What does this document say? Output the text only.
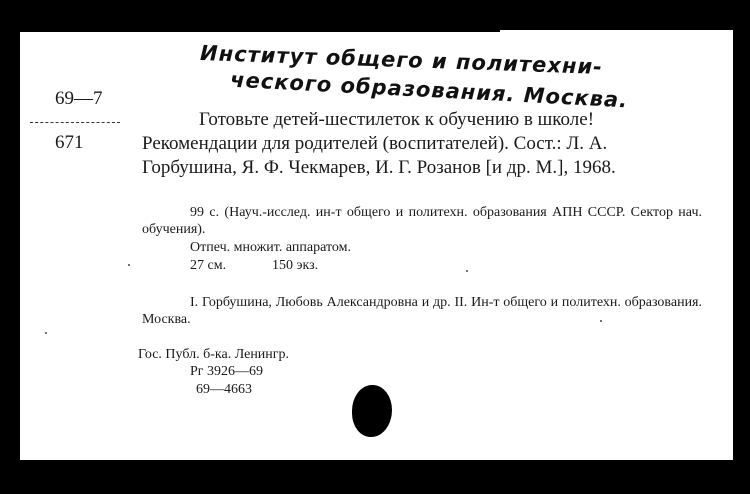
Институт общего и политехни-
ческого образования. Москва.
69—7
671
Готовьте детей-шестилеток к обучению в школе!
Рекомендации для родителей (воспитателей). Сост.: Л. А. Горбушина, Я. Ф. Чекмарев, И. Г. Розанов [и др. М.], 1968.
99 с. (Науч.-исслед. ин-т общего и политехн. образования АПН СССР. Сектор нач. обучения).
Отпеч. множит. аппаратом.
27 см.	150 экз.
I. Горбушина, Любовь Александровна и др. II. Ин-т общего и политехн. образования. Москва.
Гос. Публ. б-ка. Ленингр.
Рг 3926—69
69—4663
